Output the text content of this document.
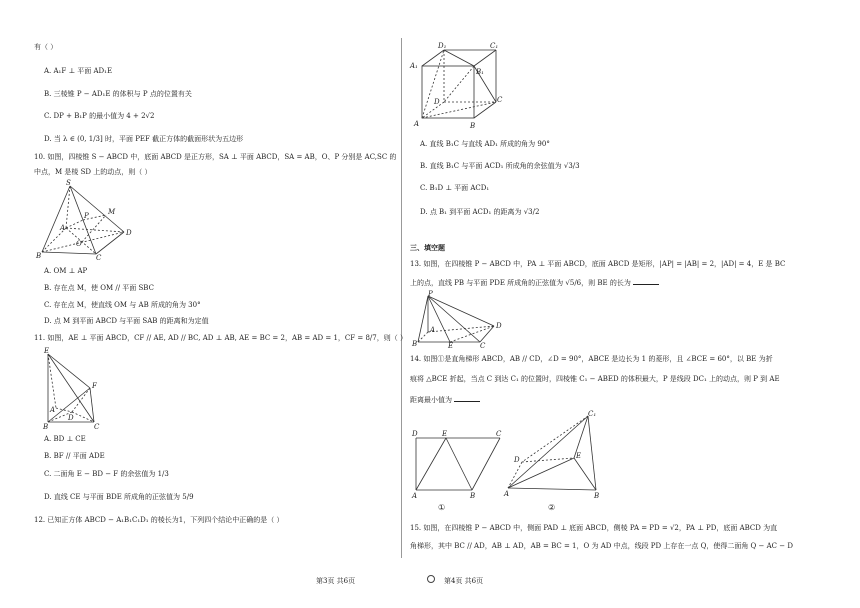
有（ ）
A. A₁F ⊥ 平面 AD₁E
B. 三棱锥 P − AD₁E 的体积与 P 点的位置有关
C. DP + B₁P 的最小值为 4 + 2√2
D. 当 λ ∈ (0, 1/3] 时，平面 PEF 截正方体的截面形状为五边形
10. 如图，四棱锥 S − ABCD 中，底面 ABCD 是正方形，SA ⊥ 平面 ABCD，SA = AB，O、P 分别是 AC,SC 的
中点，M 是棱 SD 上的动点，则（ ）
S
P	M
A
D
O
B	C
A. OM ⊥ AP
B. 存在点 M，使 OM // 平面 SBC
C. 存在点 M，使直线 OM 与 AB 所成的角为 30°
D. 点 M 到平面 ABCD 与平面 SAB 的距离和为定值
11. 如图，AE ⊥ 平面 ABCD，CF // AE, AD // BC, AD ⊥ AB, AE = BC = 2，AB = AD = 1，CF = 8/7，则（ ）
E
F
A
D
B	C
A. BD ⊥ CE
B. BF // 平面 ADE
C. 二面角 E − BD − F 的余弦值为 1/3
D. 直线 CE 与平面 BDE 所成角的正弦值为 5/9
12. 已知正方体 ABCD − A₁B₁C₁D₁ 的棱长为1，下列四个结论中正确的是（ ）
D₁	C₁
A₁
B₁
D	C
A	B
A. 直线 B₁C 与直线 AD₁ 所成的角为 90°
B. 直线 B₁C 与平面 ACD₁ 所成角的余弦值为 √3/3
C. B₁D ⊥ 平面 ACD₁
D. 点 B₁ 到平面 ACD₁ 的距离为 √3/2
三、填空题
13. 如图，在四棱锥 P − ABCD 中，PA ⊥ 平面 ABCD，底面 ABCD 是矩形，|AP| = |AB| = 2，|AD| = 4，E 是 BC
上的点，直线 PB 与平面 PDE 所成角的正弦值为 √5/6，则 BE 的长为
P
A	D
B	E	C
14. 如图①是直角梯形 ABCD，AB // CD，∠D = 90°，ABCE 是边长为 1 的菱形，且 ∠BCE = 60°，以 BE 为折
痕将 △BCE 折起，当点 C 到达 C₁ 的位置时，四棱锥 C₁ − ABED 的体积最大，P 是线段 DC₁ 上的动点，则 P 到 AE
距离最小值为
D	E	C
A	B
①
C₁
D	E
A	B
②
15. 如图，在四棱锥 P − ABCD 中，侧面 PAD ⊥ 底面 ABCD，侧棱 PA = PD = √2，PA ⊥ PD，底面 ABCD 为直
角梯形，其中 BC // AD，AB ⊥ AD，AB = BC = 1，O 为 AD 中点，线段 PD 上存在一点 Q，使得二面角 Q − AC − D
第3页 共6页	第4页 共6页
